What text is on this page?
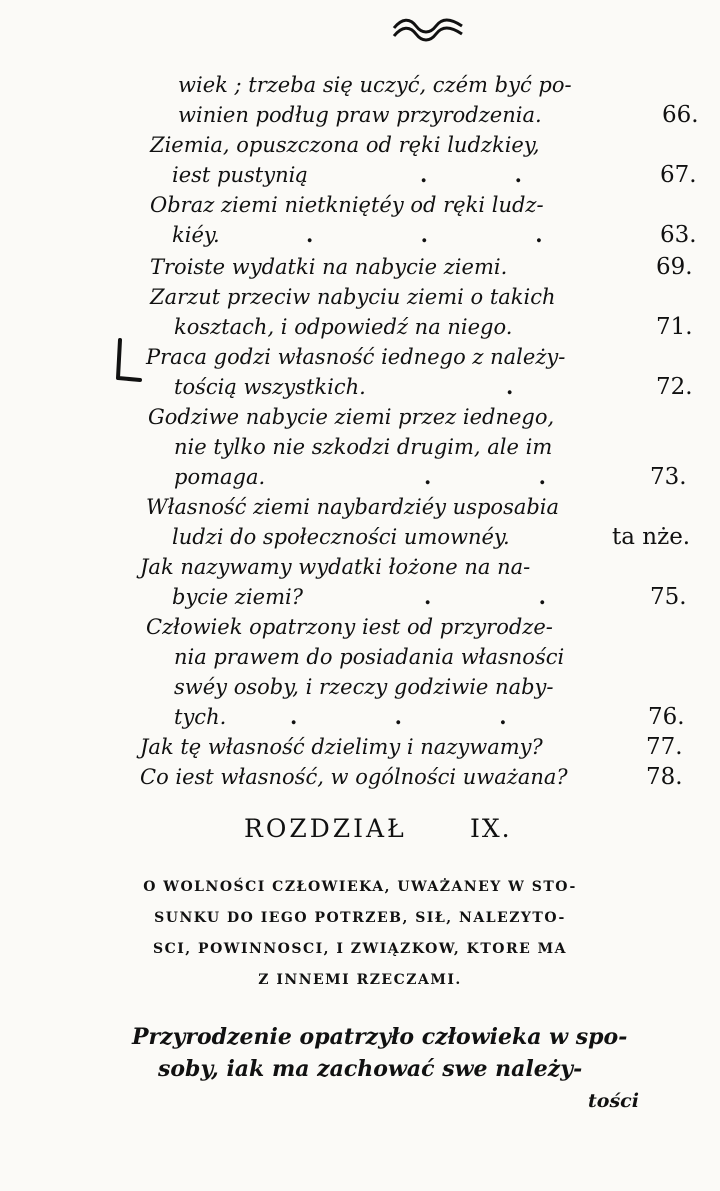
wiek ; trzeba się uczyć, czém być po-
winien podług praw przyrodzenia.	66.
Ziemia, opuszczona od ręki ludzkiey,
iest pustynią	. .	67.
Obraz ziemi nietkniętéy od ręki ludz-
kiéy.	. . .	63.
Troiste wydatki na nabycie ziemi.	69.
Zarzut przeciw nabyciu ziemi o takich
kosztach, i odpowiedź na niego.	71.
Praca godzi własność iednego z należy-
tością wszystkich.	.	72.
Godziwe nabycie ziemi przez iednego,
nie tylko nie szkodzi drugim, ale im
pomaga.	. .	73.
Własność ziemi naybardziéy usposabia
ludzi do społeczności umownéy.	ta nże.
Jak nazywamy wydatki łożone na na-
bycie ziemi?	. .	75.
Człowiek opatrzony iest od przyrodze-
nia prawem do posiadania własności
swéy osoby, i rzeczy godziwie naby-
tych.	. . .	76.
Jak tę własność dzielimy i nazywamy?	77.
Co iest własność, w ogólności uważana?	78.
ROZDZIAŁ	IX.
O WOLNOŚCI CZŁOWIEKA, UWAŻANEY W STO-
SUNKU DO IEGO POTRZEB, SIŁ, NALEZYTO-
SCI, POWINNOSCI, I ZWIĄZKOW, KTORE MA
Z INNEMI RZECZAMI.
Przyrodzenie opatrzyło człowieka w spo-
soby, iak ma zachować swe należy-
tości
